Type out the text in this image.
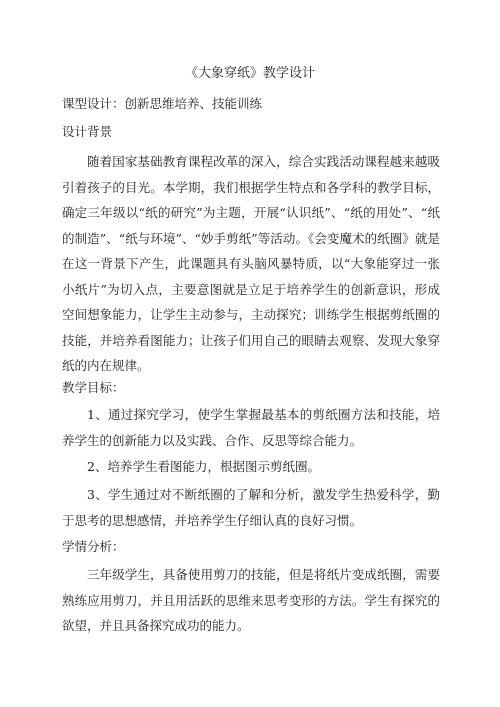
《大象穿纸》教学设计
课型设计：创新思维培养、技能训练
设计背景

随着国家基础教育课程改革的深入，综合实践活动课程越来越吸引着孩子的目光。本学期，我们根据学生特点和各学科的教学目标，确定三年级以“纸的研究”为主题，开展“认识纸”、“纸的用处”、“纸的制造”、“纸与环境”、“妙手剪纸”等活动。《会变魔术的纸圈》就是在这一背景下产生，此课题具有头脑风暴特质，以“大象能穿过一张小纸片”为切入点，主要意图就是立足于培养学生的创新意识，形成空间想象能力，让学生主动参与，主动探究；训练学生根据剪纸圈的技能，并培养看图能力；让孩子们用自己的眼睛去观察、发现大象穿纸的内在规律。

教学目标：

1、通过探究学习，使学生掌握最基本的剪纸圈方法和技能，培养学生的创新能力以及实践、合作、反思等综合能力。

2、培养学生看图能力，根据图示剪纸圈。

3、学生通过对不断纸圈的了解和分析，激发学生热爱科学，勤于思考的思想感情，并培养学生仔细认真的良好习惯。

学情分析：

三年级学生，具备使用剪刀的技能，但是将纸片变成纸圈，需要熟练应用剪刀，并且用活跃的思维来思考变形的方法。学生有探究的欲望，并且具备探究成功的能力。
